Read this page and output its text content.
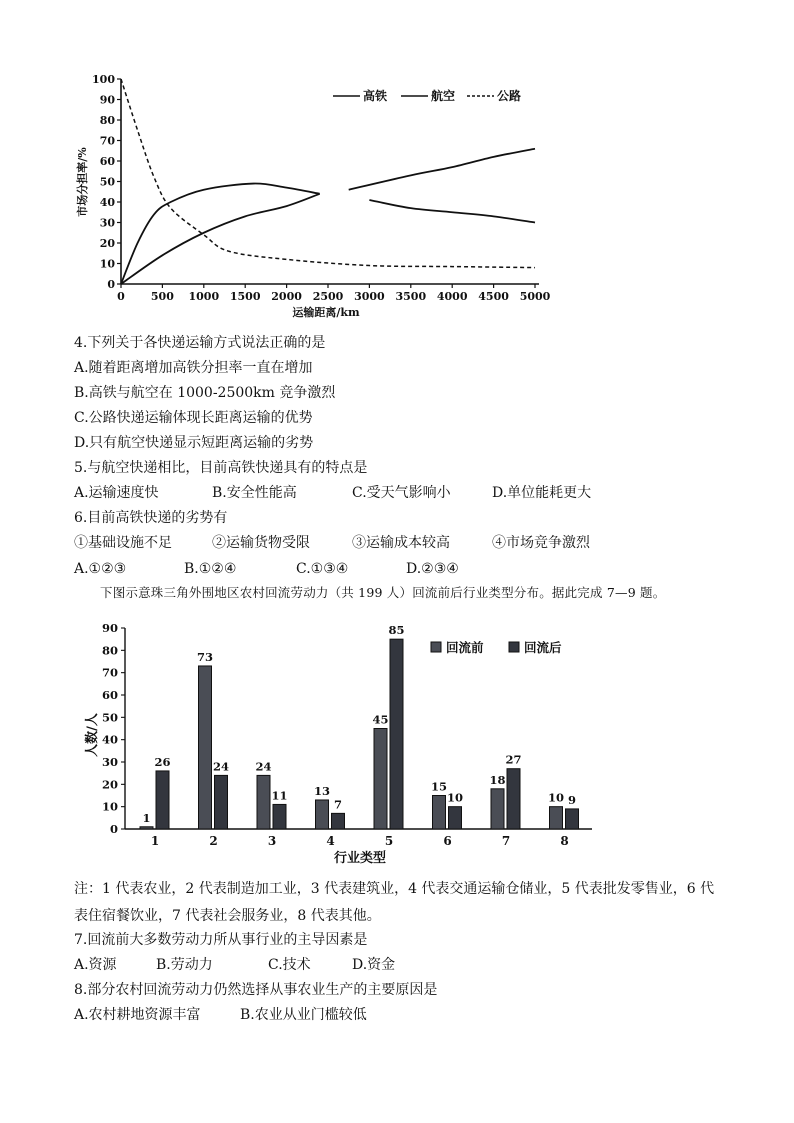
0
10
20
30
40
50
60
70
80
90
100
0 500 1000 1500 2000 2500 3000 3500 4000 4500 5000
高铁	航空	公路
市场分担率/%
运输距离/km
4.下列关于各快递运输方式说法正确的是
A.随着距离增加高铁分担率一直在增加
B.高铁与航空在 1000-2500km 竞争激烈
C.公路快递运输体现长距离运输的优势
D.只有航空快递显示短距离运输的劣势
5.与航空快递相比，目前高铁快递具有的特点是
A.运输速度快	B.安全性能高	C.受天气影响小	D.单位能耗更大
6.目前高铁快递的劣势有
①基础设施不足	②运输货物受限	③运输成本较高	④市场竞争激烈
A.①②③	B.①②④	C.①③④	D.②③④
下图示意珠三角外围地区农村回流劳动力（共 199 人）回流前后行业类型分布。据此完成 7—9 题。
0
10
20
30
40
50
60
70
80
90
1	2	3	4	5	6	7	8
1
26
73
24 24
11 13
7
45
85
15
10
18
27
10 9
回流前	回流后
人数/人
行业类型
注：1 代表农业，2 代表制造加工业，3 代表建筑业，4 代表交通运输仓储业，5 代表批发零售业，6 代表住宿餐饮业，7 代表社会服务业，8 代表其他。
7.回流前大多数劳动力所从事行业的主导因素是
A.资源	B.劳动力	C.技术	D.资金
8.部分农村回流劳动力仍然选择从事农业生产的主要原因是
A.农村耕地资源丰富	B.农业从业门槛较低
